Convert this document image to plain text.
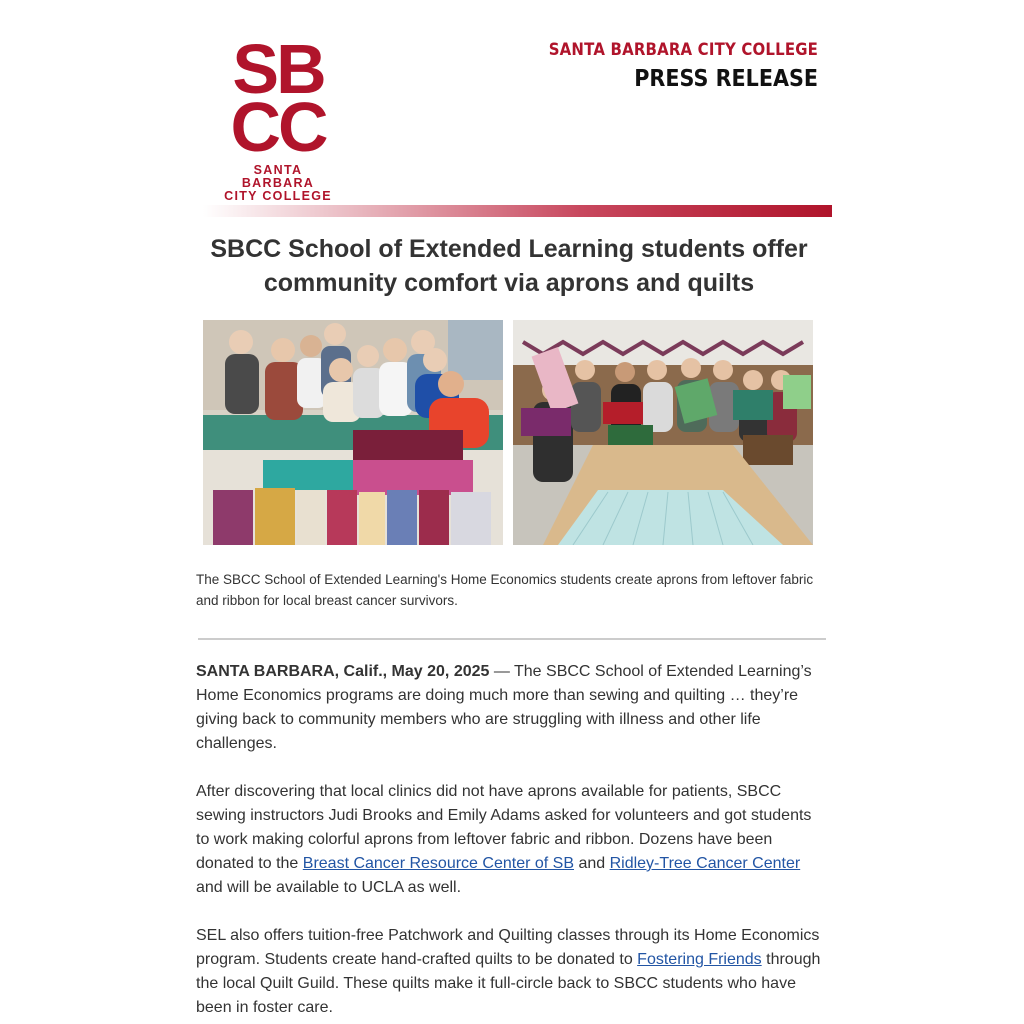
SB
CC
SANTA BARBARA
CITY COLLEGE
SANTA BARBARA CITY COLLEGE
PRESS RELEASE
SBCC School of Extended Learning students offer community comfort via aprons and quilts
The SBCC School of Extended Learning's Home Economics students create aprons from leftover fabric and ribbon for local breast cancer survivors.

SANTA BARBARA, Calif., May 20, 2025 — The SBCC School of Extended Learning’s Home Economics programs are doing much more than sewing and quilting … they’re giving back to community members who are struggling with illness and other life challenges.

After discovering that local clinics did not have aprons available for patients, SBCC sewing instructors Judi Brooks and Emily Adams asked for volunteers and got students to work making colorful aprons from leftover fabric and ribbon. Dozens have been donated to the Breast Cancer Resource Center of SB and Ridley-Tree Cancer Center and will be available to UCLA as well.

SEL also offers tuition-free Patchwork and Quilting classes through its Home Economics program. Students create hand-crafted quilts to be donated to Fostering Friends through the local Quilt Guild. These quilts make it full-circle back to SBCC students who have been in foster care.
